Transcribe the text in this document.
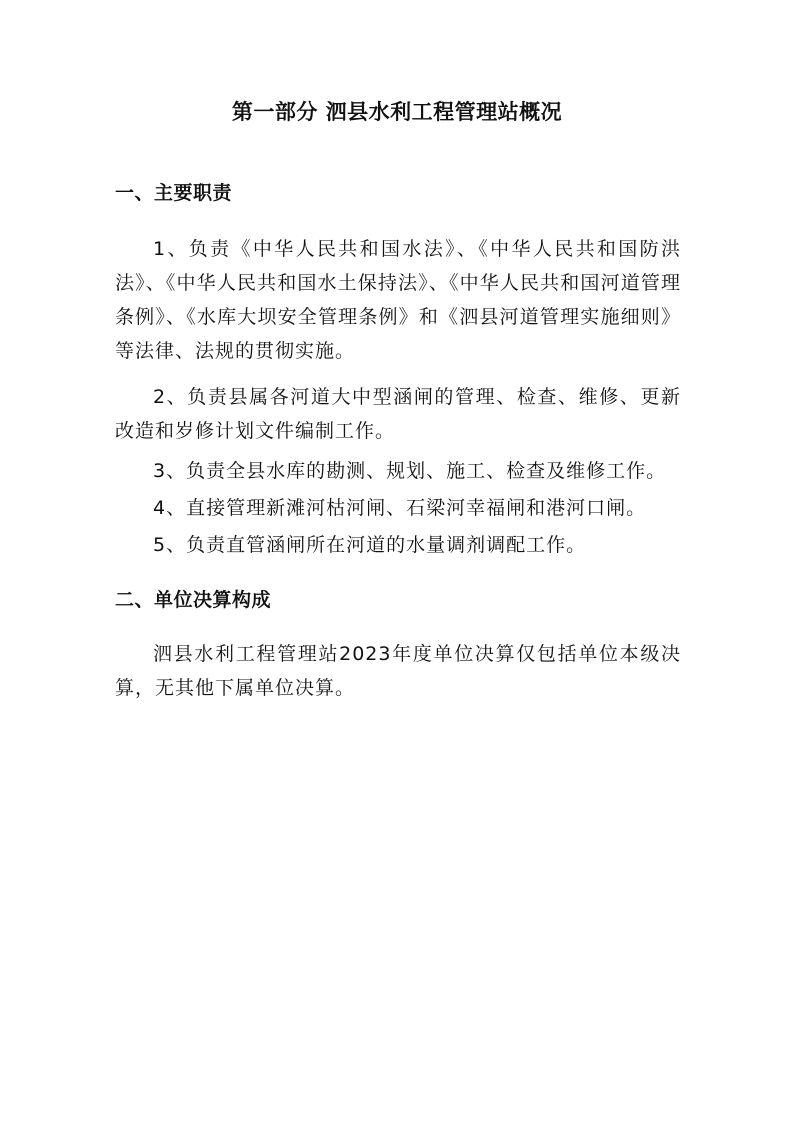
第一部分 泗县水利工程管理站概况
一、主要职责

1、负责《中华人民共和国水法》、《中华人民共和国防洪法》、《中华人民共和国水土保持法》、《中华人民共和国河道管理条例》、《水库大坝安全管理条例》和《泗县河道管理实施细则》等法律、法规的贯彻实施。

2、负责县属各河道大中型涵闸的管理、检查、维修、更新改造和岁修计划文件编制工作。

3、负责全县水库的勘测、规划、施工、检查及维修工作。

4、直接管理新滩河枯河闸、石梁河幸福闸和港河口闸。

5、负责直管涵闸所在河道的水量调剂调配工作。

二、单位决算构成

泗县水利工程管理站2023年度单位决算仅包括单位本级决算，无其他下属单位决算。
